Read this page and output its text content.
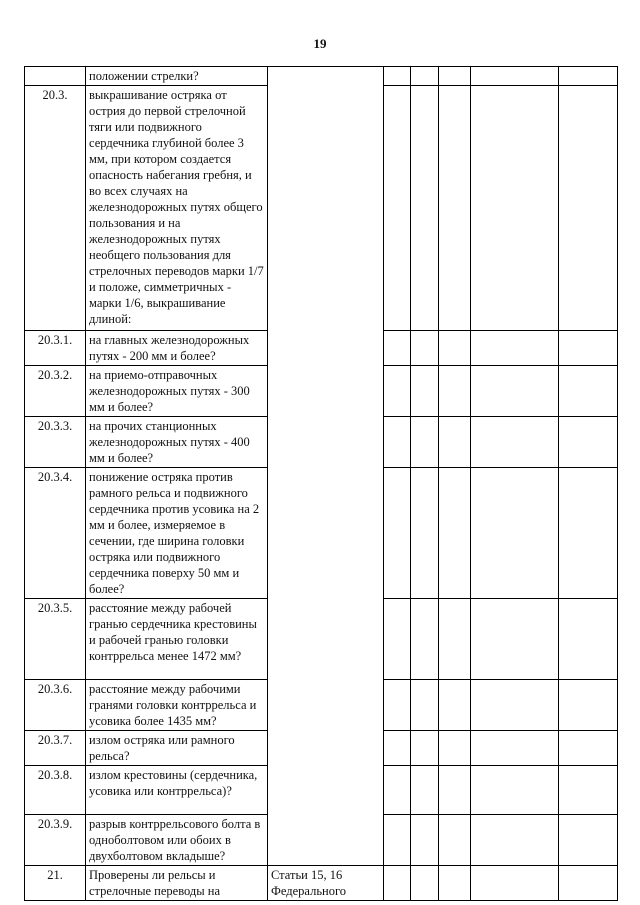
19
	положении стрелки?						
20.3.	выкрашивание остряка от острия до первой стрелочной тяги или подвижного сердечника глубиной более 3 мм, при котором создается опасность набегания гребня, и во всех случаях на железнодорожных путях общего пользования и на железнодорожных путях необщего пользования для стрелочных переводов марки 1/7 и положе, симметричных - марки 1/6, выкрашивание длиной:						
20.3.1.	на главных железнодорожных путях - 200 мм и более?						
20.3.2.	на приемо-отправочных железнодорожных путях - 300 мм и более?						
20.3.3.	на прочих станционных железнодорожных путях - 400 мм и более?						
20.3.4.	понижение остряка против рамного рельса и подвижного сердечника против усовика на 2 мм и более, измеряемое в сечении, где ширина головки остряка или подвижного сердечника поверху 50 мм и более?						
20.3.5.	расстояние между рабочей гранью сердечника крестовины и рабочей гранью головки контррельса менее 1472 мм?						
20.3.6.	расстояние между рабочими гранями головки контррельса и усовика более 1435 мм?						
20.3.7.	излом остряка или рамного рельса?						
20.3.8.	излом крестовины (сердечника, усовика или контррельса)?						
20.3.9.	разрыв контррельсового болта в одноболтовом или обоих в двухболтовом вкладыше?						
21.	Проверены ли рельсы и стрелочные переводы на	Статьи 15, 16 Федерального					
